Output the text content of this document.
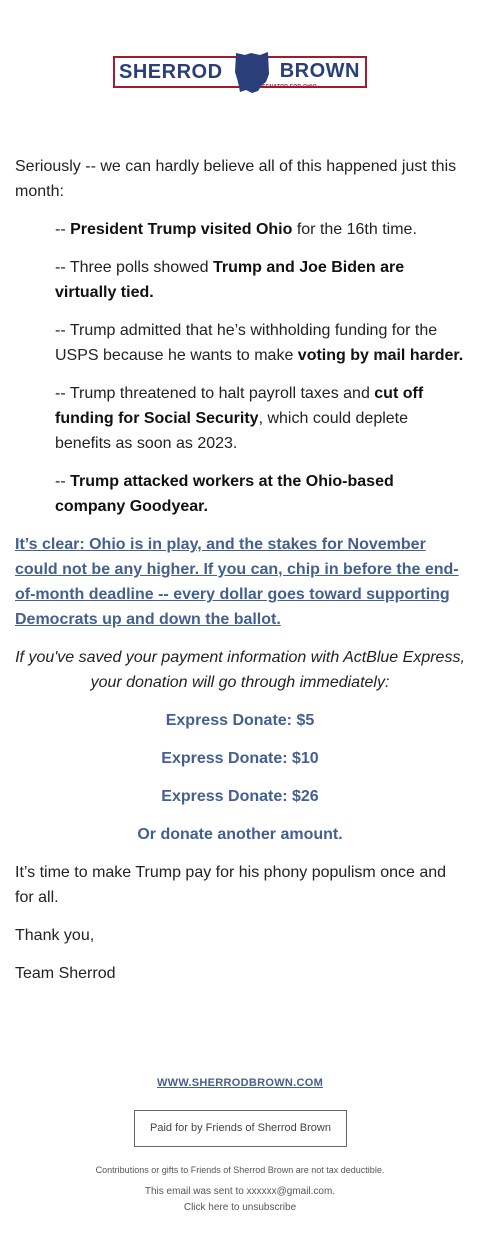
SHERROD	BROWN
SENATOR FOR OHIO

Seriously -- we can hardly believe all of this happened just this month:

-- President Trump visited Ohio for the 16th time.

-- Three polls showed Trump and Joe Biden are virtually tied.

-- Trump admitted that he’s withholding funding for the USPS because he wants to make voting by mail harder.

-- Trump threatened to halt payroll taxes and cut off funding for Social Security, which could deplete benefits as soon as 2023.

-- Trump attacked workers at the Ohio-based company Goodyear.

It’s clear: Ohio is in play, and the stakes for November could not be any higher. If you can, chip in before the end-of-month deadline -- every dollar goes toward supporting Democrats up and down the ballot.

If you've saved your payment information with ActBlue Express, your donation will go through immediately:

Express Donate: $5

Express Donate: $10

Express Donate: $26

Or donate another amount.

It’s time to make Trump pay for his phony populism once and for all.

Thank you,

Team Sherrod

WWW.SHERRODBROWN.COM
Paid for by Friends of Sherrod Brown
Contributions or gifts to Friends of Sherrod Brown are not tax deductible.
This email was sent to xxxxxx@gmail.com.
Click here to unsubscribe
